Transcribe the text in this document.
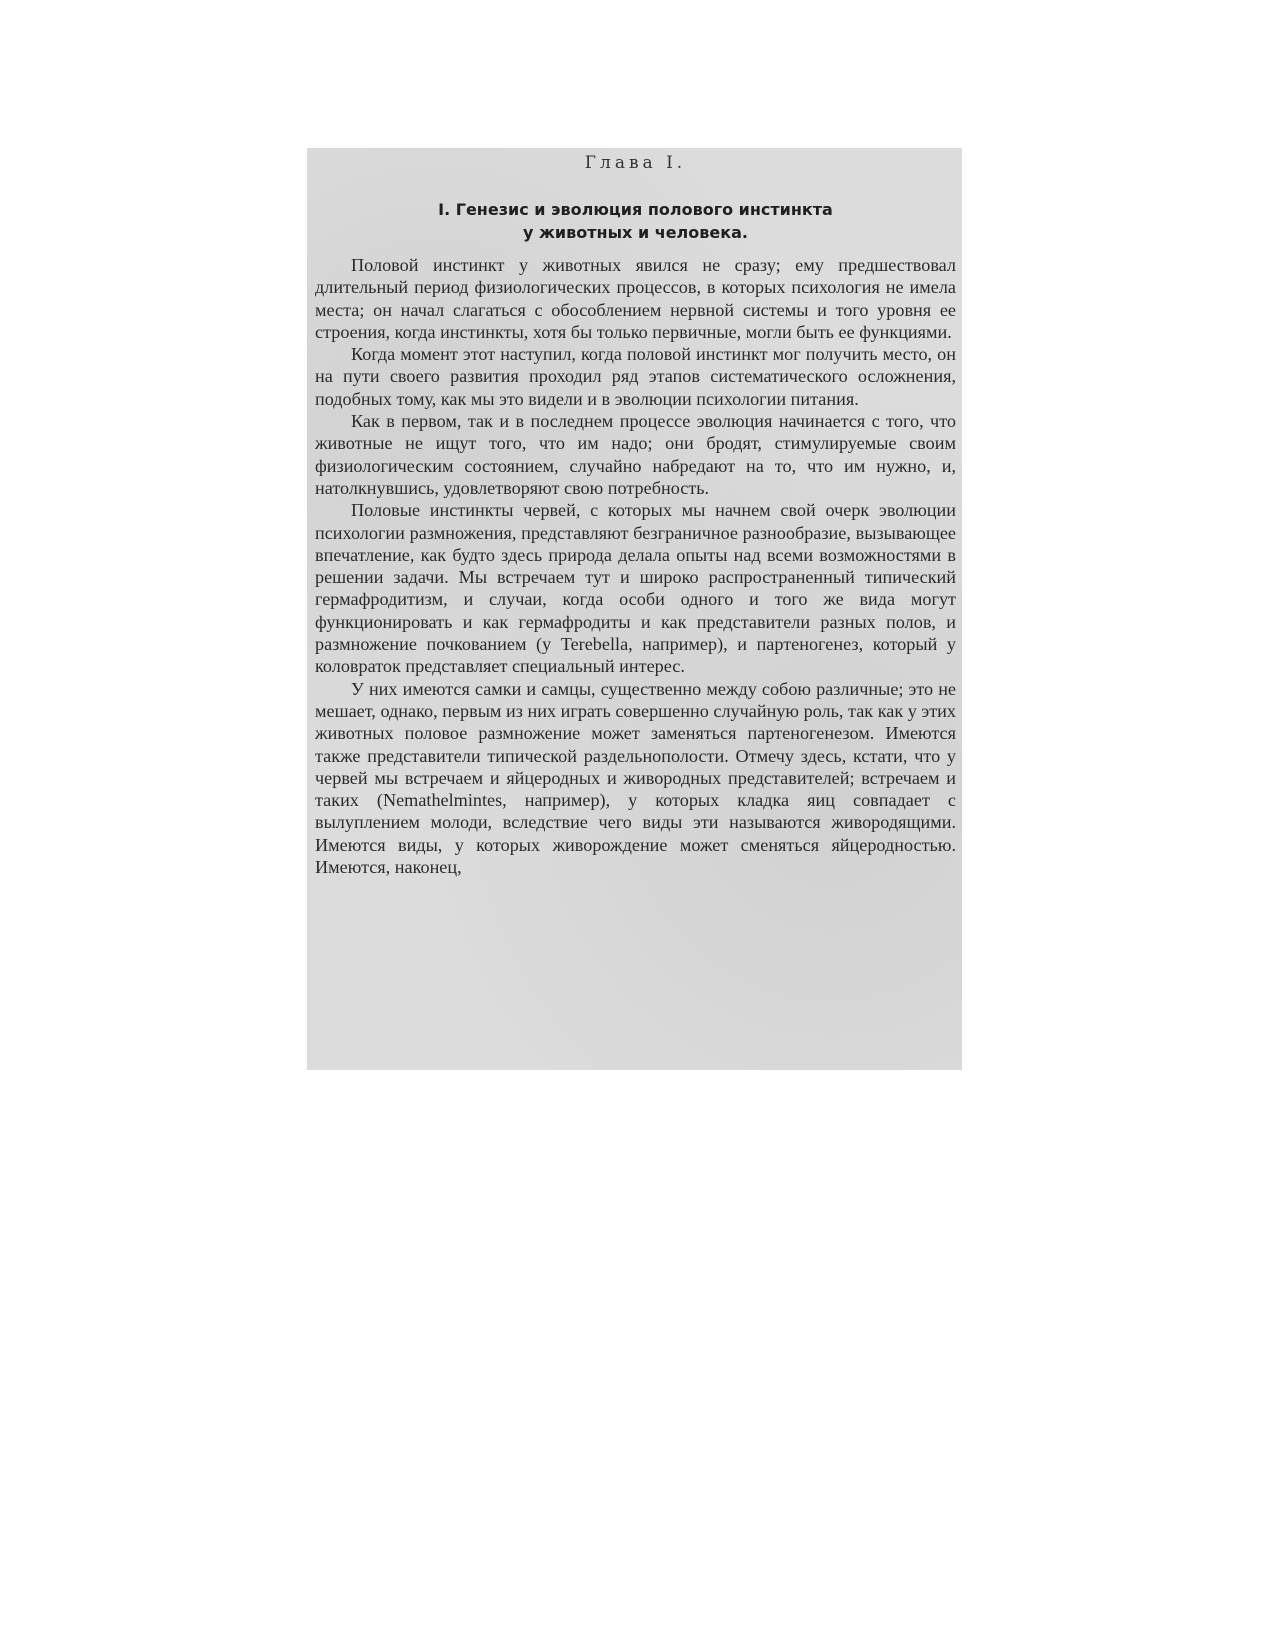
Глава I.
I. Генезис и эволюция полового инстинкта
у животных и человека.

Половой инстинкт у животных явился не сразу; ему предшествовал длительный период физиологических процессов, в которых психология не имела места; он начал слагаться с обособлением нервной системы и того уровня ее строения, когда инстинкты, хотя бы только первичные, могли быть ее функциями.

Когда момент этот наступил, когда половой инстинкт мог получить место, он на пути своего развития проходил ряд этапов систематического осложнения, подобных тому, как мы это видели и в эволюции психологии питания.

Как в первом, так и в последнем процессе эволюция начинается с того, что животные не ищут того, что им надо; они бродят, стимулируемые своим физиологическим состоянием, случайно набредают на то, что им нужно, и, натолкнувшись, удовлетворяют свою потребность.

Половые инстинкты червей, с которых мы начнем свой очерк эволюции психологии размножения, представляют безграничное разнообразие, вызывающее впечатление, как будто здесь природа делала опыты над всеми возможностями в решении задачи. Мы встречаем тут и широко распространенный типический гермафродитизм, и случаи, когда особи одного и того же вида могут функционировать и как гермафродиты и как представители разных полов, и размножение почкованием (у Terebella, например), и партеногенез, который у коловраток представляет специальный интерес.

У них имеются самки и самцы, существенно между собою различные; это не мешает, однако, первым из них играть совершенно случайную роль, так как у этих животных половое размножение может заменяться партеногенезом. Имеются также представители типической раздельнополости. Отмечу здесь, кстати, что у червей мы встречаем и яйцеродных и живородных представителей; встречаем и таких (Nemathelmintes, например), у которых кладка яиц совпадает с вылуплением молоди, вследствие чего виды эти называются живородящими. Имеются виды, у которых живорождение может сменяться яйцеродностью. Имеются, наконец,
